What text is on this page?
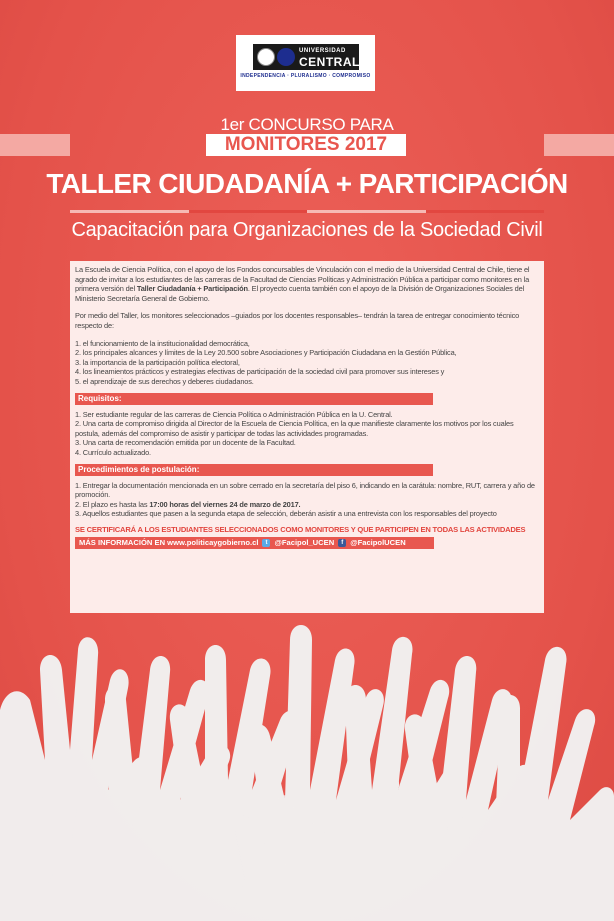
UNIVERSIDAD
CENTRAL
INDEPENDENCIA · PLURALISMO · COMPROMISO
1er CONCURSO PARA
MONITORES 2017
TALLER CIUDADANÍA + PARTICIPACIÓN
Capacitación para Organizaciones de la Sociedad Civil

La Escuela de Ciencia Política, con el apoyo de los Fondos concursables de Vinculación con el medio de la Universidad Central de Chile, tiene el agrado de invitar a los estudiantes de las carreras de la Facultad de Ciencias Políticas y Administración Pública a participar como monitores en la primera versión del Taller Ciudadanía + Participación. El proyecto cuenta también con el apoyo de la División de Organizaciones Sociales del Ministerio Secretaría General de Gobierno.

Por medio del Taller, los monitores seleccionados –guiados por los docentes responsables– tendrán la tarea de entregar conocimiento técnico respecto de:

1. el funcionamiento de la institucionalidad democrática,
2. los principales alcances y límites de la Ley 20.500 sobre Asociaciones y Participación Ciudadana en la Gestión Pública,
3. la importancia de la participación política electoral,
4. los lineamientos prácticos y estrategias efectivas de participación de la sociedad civil para promover sus intereses y
5. el aprendizaje de sus derechos y deberes ciudadanos.
Requisitos:
1. Ser estudiante regular de las carreras de Ciencia Política o Administración Pública en la U. Central.
2. Una carta de compromiso dirigida al Director de la Escuela de Ciencia Política, en la que manifieste claramente los motivos por los cuales postula, además del compromiso de asistir y participar de todas las actividades programadas.
3. Una carta de recomendación emitida por un docente de la Facultad.
4. Currículo actualizado.
Procedimientos de postulación:
1. Entregar la documentación mencionada en un sobre cerrado en la secretaría del piso 6, indicando en la carátula: nombre, RUT, carrera y año de promoción.
2. El plazo es hasta las 17:00 horas del viernes 24 de marzo de 2017.
3. Aquellos estudiantes que pasen a la segunda etapa de selección, deberán asistir a una entrevista con los responsables del proyecto
SE CERTIFICARÁ A LOS ESTUDIANTES SELECCIONADOS COMO MONITORES Y QUE PARTICIPEN EN TODAS LAS ACTIVIDADES
MÁS INFORMACIÓN EN www.politicaygobierno.cl	t @Facipol_UCEN	f @FacipolUCEN
